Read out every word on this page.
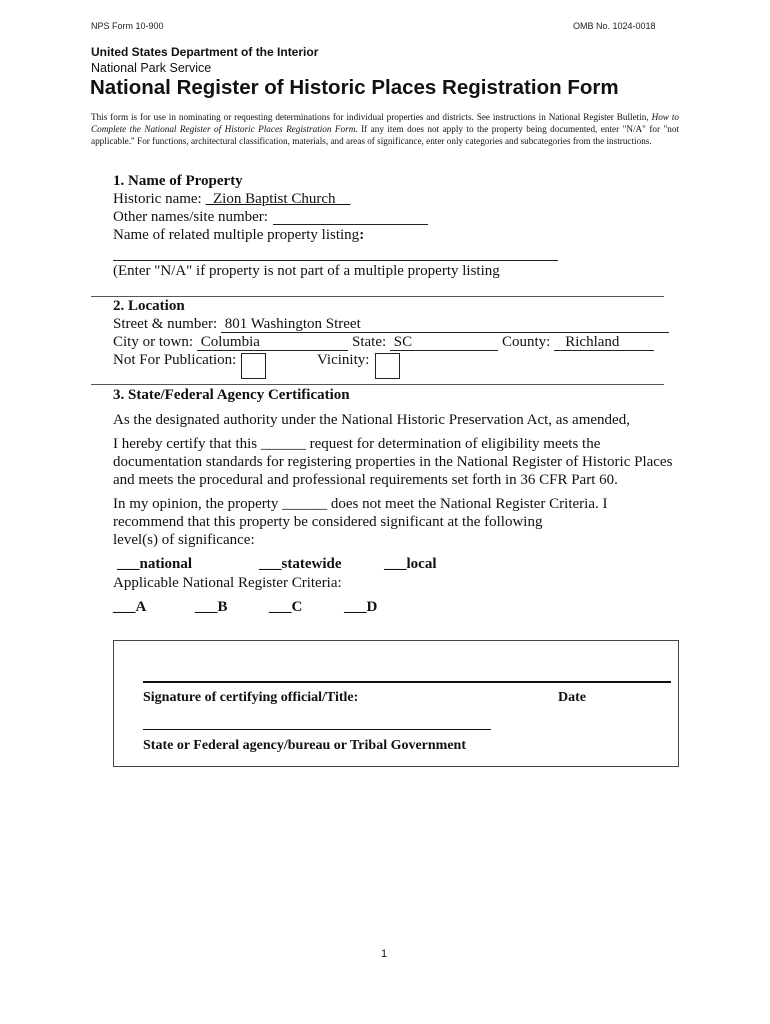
NPS Form 10-900	OMB No. 1024-0018
United States Department of the Interior
National Park Service
National Register of Historic Places Registration Form
This form is for use in nominating or requesting determinations for individual properties and districts. See instructions in National Register Bulletin, How to Complete the National Register of Historic Places Registration Form. If any item does not apply to the property being documented, enter "N/A" for "not applicable." For functions, architectural classification, materials, and areas of significance, enter only categories and subcategories from the instructions.
1. Name of Property
Historic name:   Zion Baptist Church
Other names/site number:
Name of related multiple property listing:
(Enter "N/A" if property is not part of a multiple property listing
2. Location
Street & number: 801 Washington Street
City or town: Columbia	State: SC	County: Richland
Not For Publication:	Vicinity:
3. State/Federal Agency Certification
As the designated authority under the National Historic Preservation Act, as amended,
I hereby certify that this ______ request for determination of eligibility meets the
documentation standards for registering properties in the National Register of Historic Places
and meets the procedural and professional requirements set forth in 36 CFR Part 60.
In my opinion, the property ______ does not meet the National Register Criteria. I
recommend that this property be considered significant at the following
level(s) of significance:
___national	___statewide	___local
Applicable National Register Criteria:
___A	___B	___C	___D
Signature of certifying official/Title:	Date
State or Federal agency/bureau or Tribal Government
1
